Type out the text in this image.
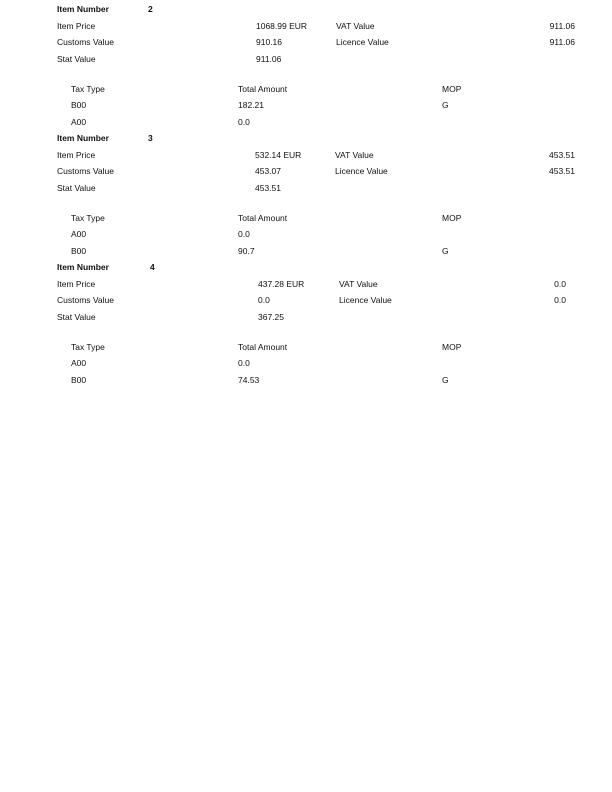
Item Number	2
Item Price	1068.99 EUR	VAT Value	911.06
Customs Value	910.16	Licence Value	911.06
Stat Value	911.06
Tax Type	Total Amount	MOP
B00	182.21	G
A00	0.0
Item Number	3
Item Price	532.14 EUR	VAT Value	453.51
Customs Value	453.07	Licence Value	453.51
Stat Value	453.51
Tax Type	Total Amount	MOP
A00	0.0
B00	90.7	G
Item Number	4
Item Price	437.28 EUR	VAT Value	0.0
Customs Value	0.0	Licence Value	0.0
Stat Value	367.25
Tax Type	Total Amount	MOP
A00	0.0
B00	74.53	G
